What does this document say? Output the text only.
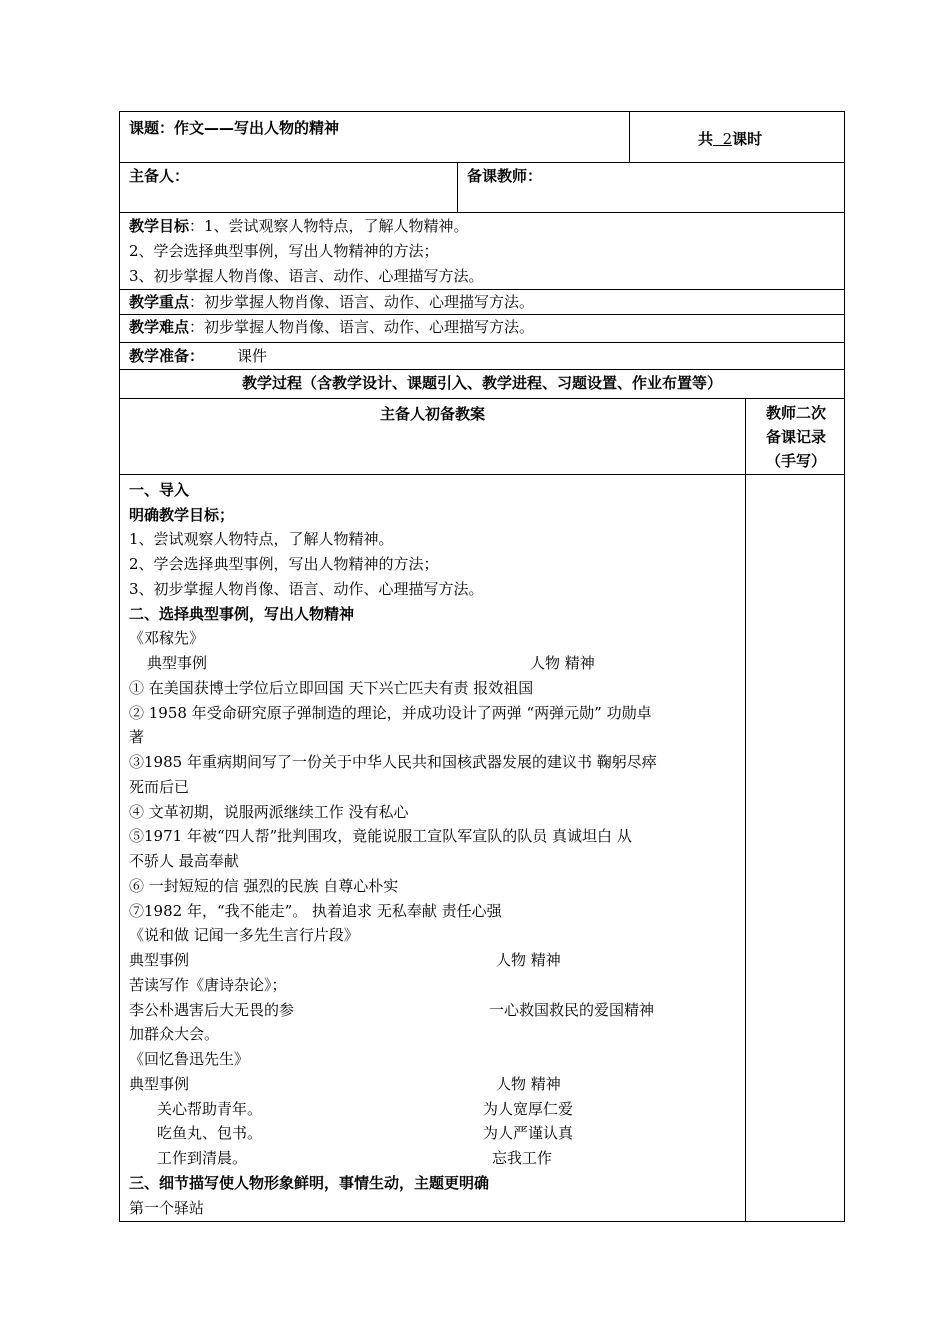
课题：作文——写出人物的精神
共 2课时
主备人：	备课教师：
教学目标：1、尝试观察人物特点，了解人物精神。
2、学会选择典型事例，写出人物精神的方法；
3、初步掌握人物肖像、语言、动作、心理描写方法。
教学重点：初步掌握人物肖像、语言、动作、心理描写方法。
教学难点：初步掌握人物肖像、语言、动作、心理描写方法。
教学准备： 课件
教学过程（含教学设计、课题引入、教学进程、习题设置、作业布置等）
主备人初备教案	教师二次
备课记录
（手写）
一、导入
明确教学目标；
1、尝试观察人物特点，了解人物精神。
2、学会选择典型事例，写出人物精神的方法；
3、初步掌握人物肖像、语言、动作、心理描写方法。
二、选择典型事例，写出人物精神
《邓稼先》
典型事例	人物 精神
① 在美国获博士学位后立即回国 天下兴亡匹夫有责 报效祖国
② 1958 年受命研究原子弹制造的理论，并成功设计了两弹 “两弹元勋” 功勋卓
著
③1985 年重病期间写了一份关于中华人民共和国核武器发展的建议书 鞠躬尽瘁
死而后已
④ 文革初期，说服两派继续工作 没有私心
⑤1971 年被“四人帮”批判围攻，竟能说服工宣队军宣队的队员 真诚坦白 从
不骄人 最高奉献
⑥ 一封短短的信 强烈的民族 自尊心朴实
⑦1982 年，“我不能走”。 执着追求 无私奉献 责任心强
《说和做 记闻一多先生言行片段》
典型事例	人物 精神
苦读写作《唐诗杂论》；
李公朴遇害后大无畏的参	一心救国救民的爱国精神
加群众大会。
《回忆鲁迅先生》
典型事例	人物 精神
关心帮助青年。	为人宽厚仁爱
吃鱼丸、包书。	为人严谨认真
工作到清晨。	忘我工作
三、细节描写使人物形象鲜明，事情生动，主题更明确
第一个驿站
